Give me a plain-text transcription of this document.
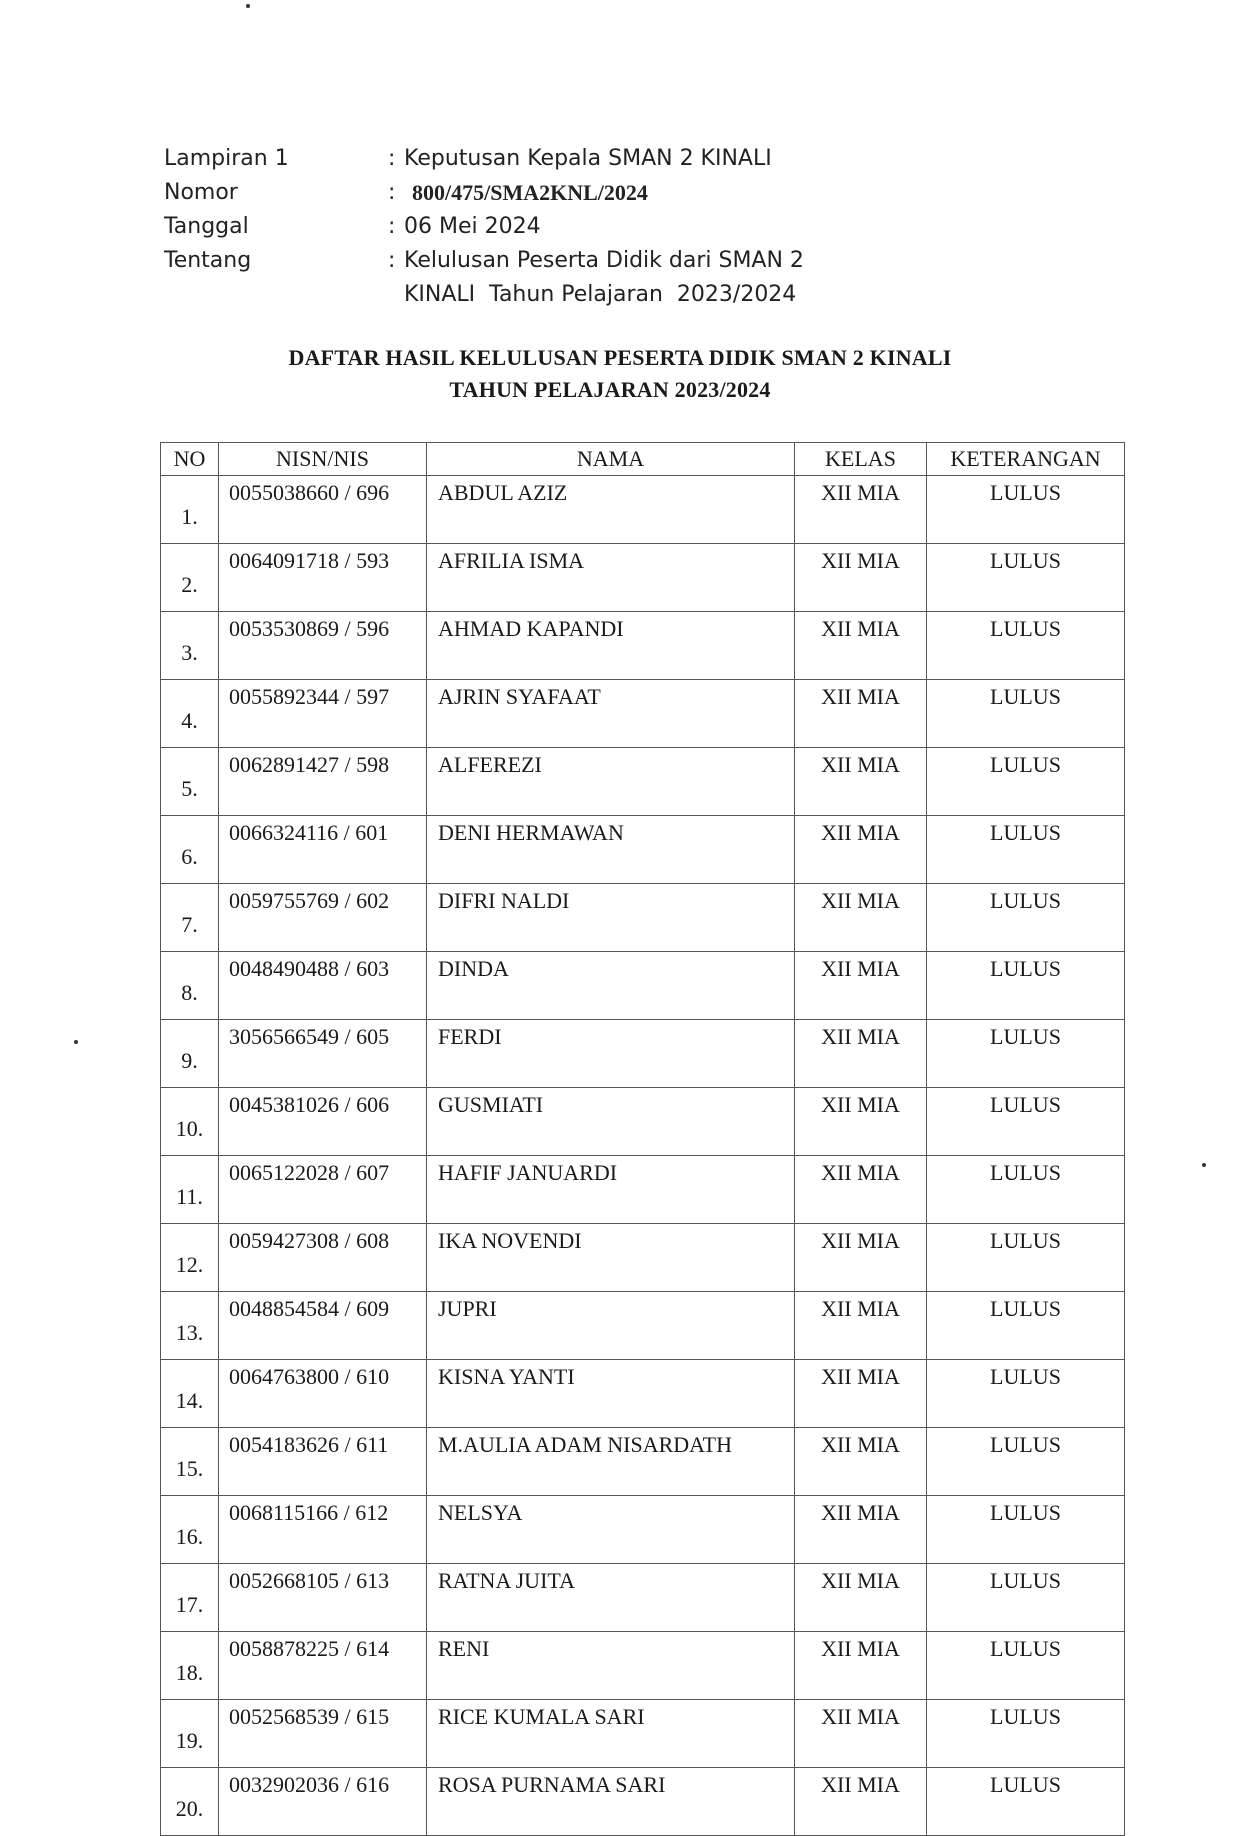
Lampiran 1	: Keputusan Kepala SMAN 2 KINALI
Nomor	: 800/475/SMA2KNL/2024
Tanggal	: 06 Mei 2024
Tentang	: Kelulusan Peserta Didik dari SMAN 2
KINALI  Tahun Pelajaran  2023/2024
DAFTAR HASIL KELULUSAN PESERTA DIDIK SMAN 2 KINALI
TAHUN PELAJARAN 2023/2024
NO	NISN/NIS	NAMA	KELAS	KETERANGAN
1.	0055038660 / 696	ABDUL AZIZ	XII MIA	LULUS
2.	0064091718 / 593	AFRILIA ISMA	XII MIA	LULUS
3.	0053530869 / 596	AHMAD KAPANDI	XII MIA	LULUS
4.	0055892344 / 597	AJRIN SYAFAAT	XII MIA	LULUS
5.	0062891427 / 598	ALFEREZI	XII MIA	LULUS
6.	0066324116 / 601	DENI HERMAWAN	XII MIA	LULUS
7.	0059755769 / 602	DIFRI NALDI	XII MIA	LULUS
8.	0048490488 / 603	DINDA	XII MIA	LULUS
9.	3056566549 / 605	FERDI	XII MIA	LULUS
10.	0045381026 / 606	GUSMIATI	XII MIA	LULUS
11.	0065122028 / 607	HAFIF JANUARDI	XII MIA	LULUS
12.	0059427308 / 608	IKA NOVENDI	XII MIA	LULUS
13.	0048854584 / 609	JUPRI	XII MIA	LULUS
14.	0064763800 / 610	KISNA YANTI	XII MIA	LULUS
15.	0054183626 / 611	M.AULIA ADAM NISARDATH	XII MIA	LULUS
16.	0068115166 / 612	NELSYA	XII MIA	LULUS
17.	0052668105 / 613	RATNA JUITA	XII MIA	LULUS
18.	0058878225 / 614	RENI	XII MIA	LULUS
19.	0052568539 / 615	RICE KUMALA SARI	XII MIA	LULUS
20.	0032902036 / 616	ROSA PURNAMA SARI	XII MIA	LULUS
